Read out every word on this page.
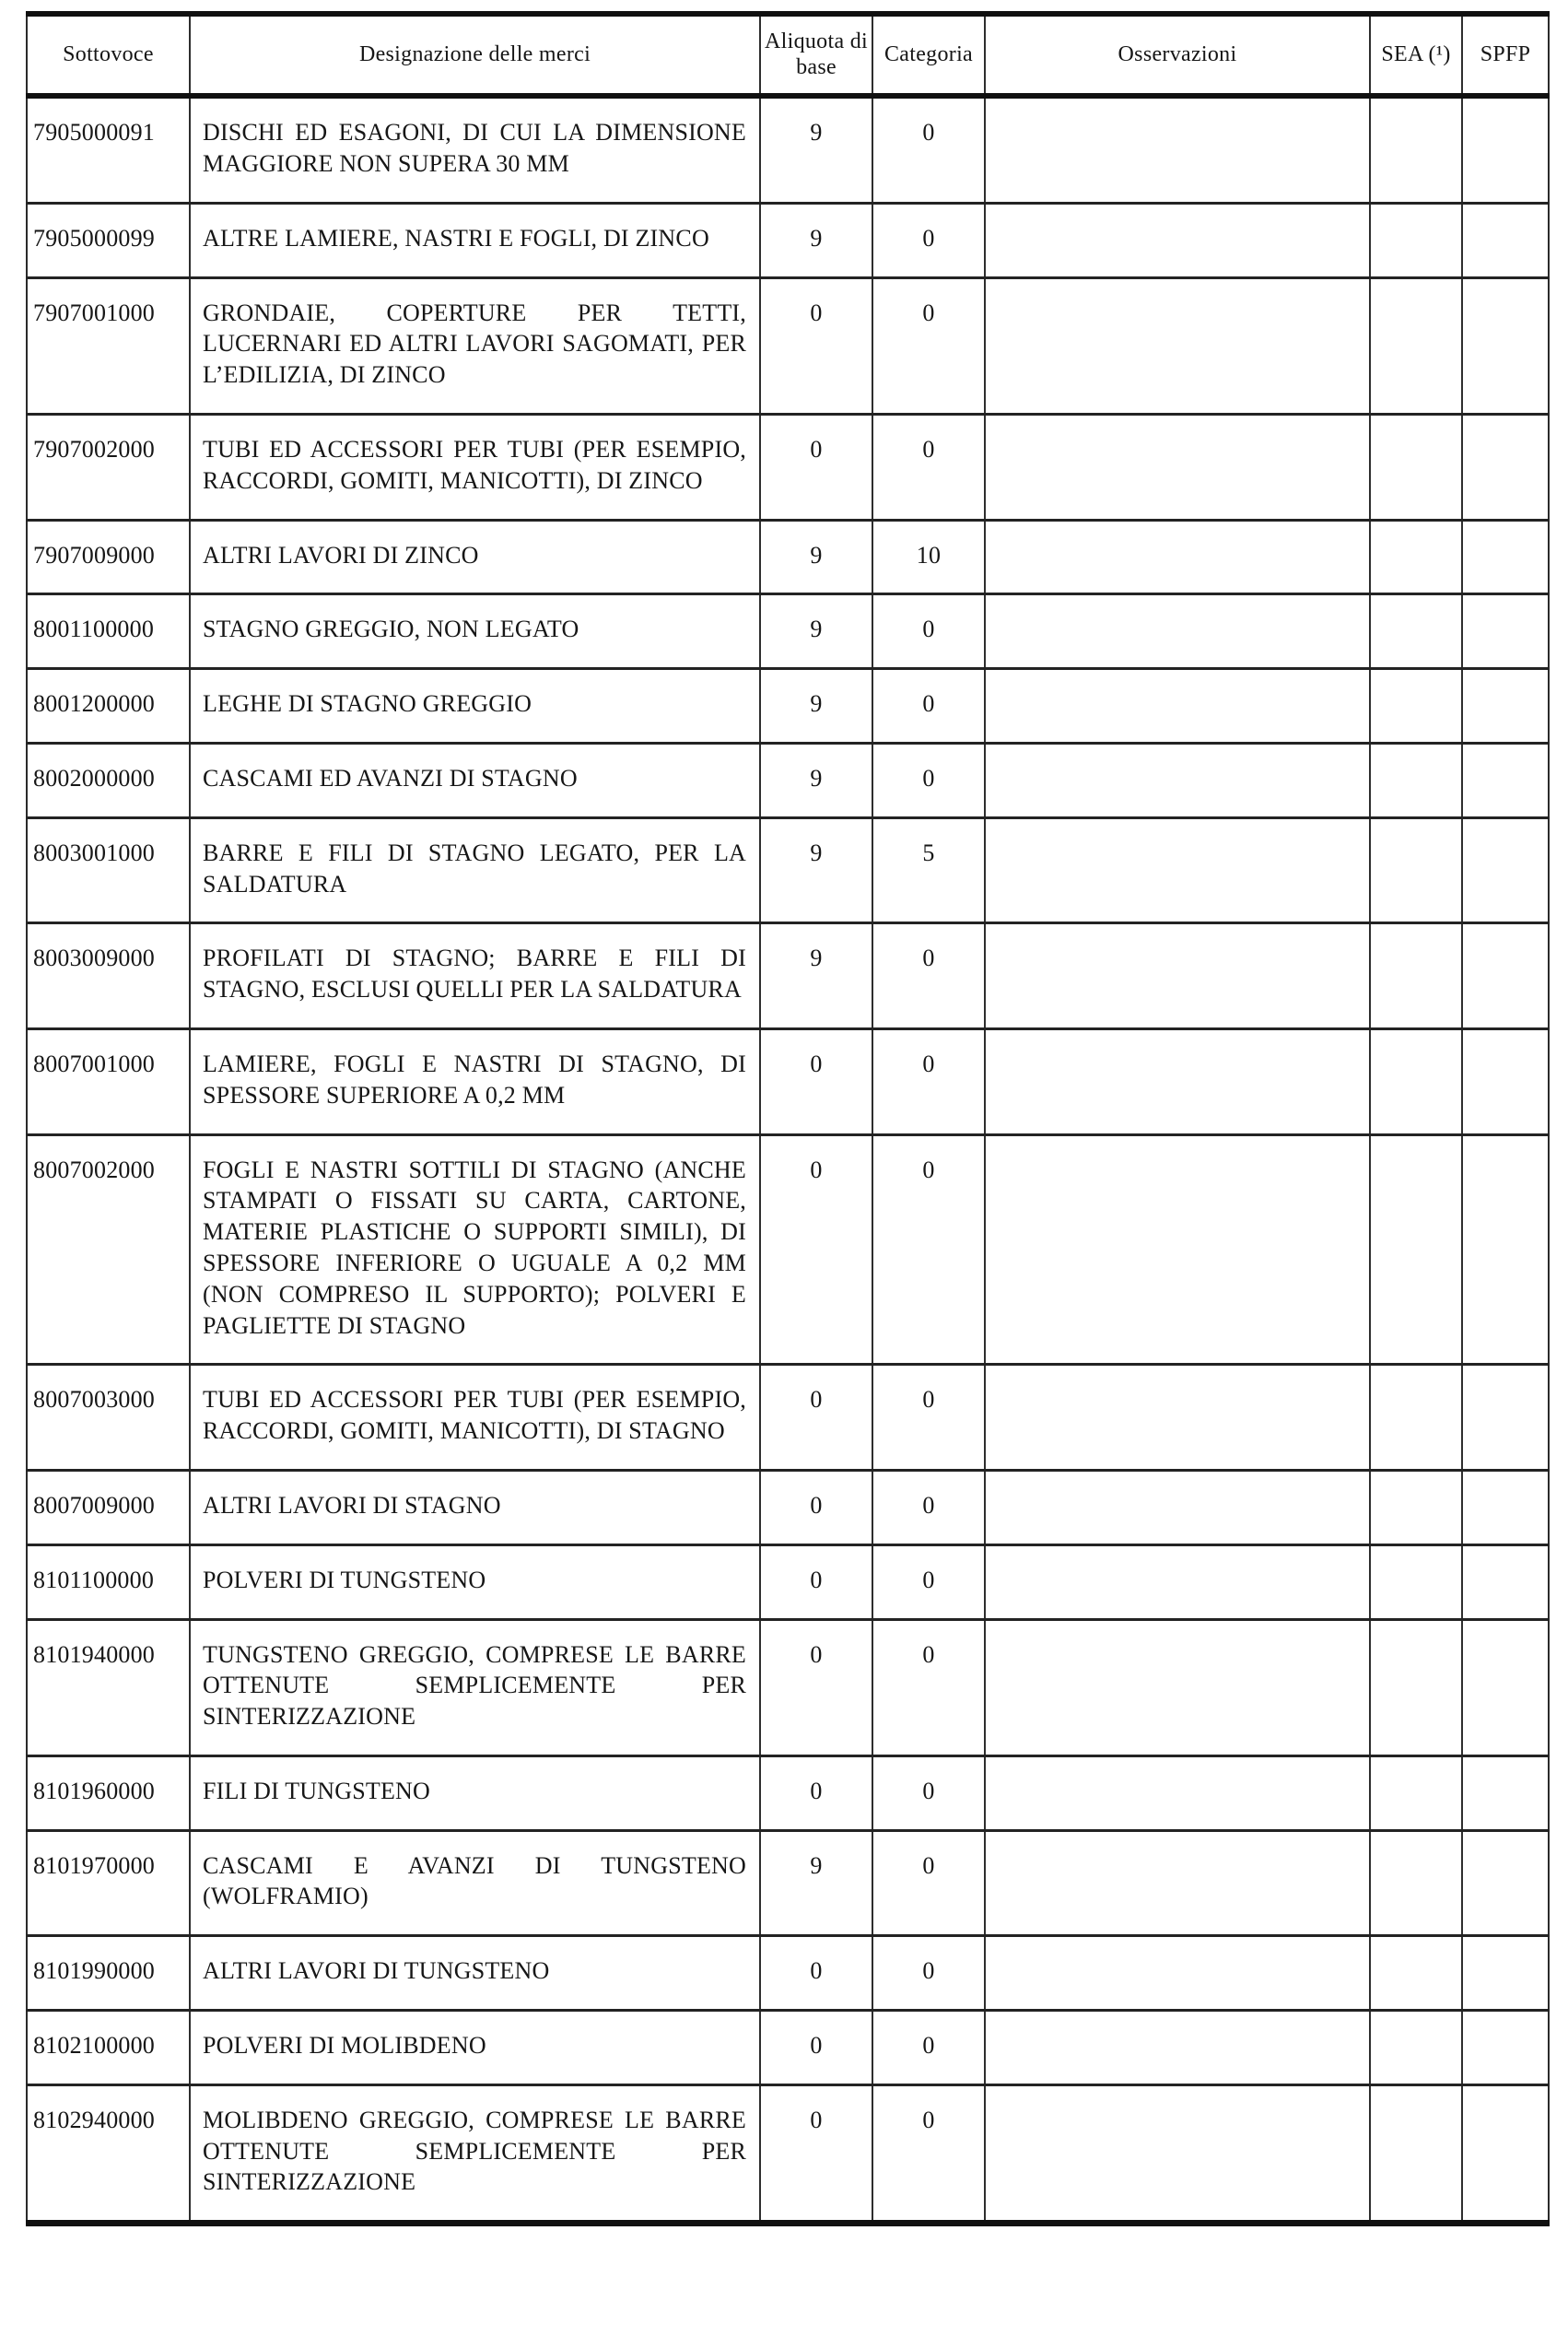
Sottovoce	Designazione delle merci	Aliquota di base	Categoria	Osservazioni	SEA (¹)	SPFP
7905000091	DISCHI ED ESAGONI, DI CUI LA DIMENSIONE MAGGIORE NON SUPERA 30 MM	9	0			
7905000099	ALTRE LAMIERE, NASTRI E FOGLI, DI ZINCO	9	0			
7907001000	GRONDAIE, COPERTURE PER TETTI, LUCERNARI ED ALTRI LAVORI SAGOMATI, PER L’EDILIZIA, DI ZINCO	0	0			
7907002000	TUBI ED ACCESSORI PER TUBI (PER ESEMPIO, RACCORDI, GOMITI, MANICOTTI), DI ZINCO	0	0			
7907009000	ALTRI LAVORI DI ZINCO	9	10			
8001100000	STAGNO GREGGIO, NON LEGATO	9	0			
8001200000	LEGHE DI STAGNO GREGGIO	9	0			
8002000000	CASCAMI ED AVANZI DI STAGNO	9	0			
8003001000	BARRE E FILI DI STAGNO LEGATO, PER LA SALDATURA	9	5			
8003009000	PROFILATI DI STAGNO; BARRE E FILI DI STAGNO, ESCLUSI QUELLI PER LA SALDATURA	9	0			
8007001000	LAMIERE, FOGLI E NASTRI DI STAGNO, DI SPESSORE SUPERIORE A 0,2 MM	0	0			
8007002000	FOGLI E NASTRI SOTTILI DI STAGNO (ANCHE STAMPATI O FISSATI SU CARTA, CARTONE, MATERIE PLASTICHE O SUPPORTI SIMILI), DI SPESSORE INFERIORE O UGUALE A 0,2 MM (NON COMPRESO IL SUPPORTO); POLVERI E PAGLIETTE DI STAGNO	0	0			
8007003000	TUBI ED ACCESSORI PER TUBI (PER ESEMPIO, RACCORDI, GOMITI, MANICOTTI), DI STAGNO	0	0			
8007009000	ALTRI LAVORI DI STAGNO	0	0			
8101100000	POLVERI DI TUNGSTENO	0	0			
8101940000	TUNGSTENO GREGGIO, COMPRESE LE BARRE OTTENUTE SEMPLICEMENTE PER SINTERIZZAZIONE	0	0			
8101960000	FILI DI TUNGSTENO	0	0			
8101970000	CASCAMI E AVANZI DI TUNGSTENO (WOLFRAMIO)	9	0			
8101990000	ALTRI LAVORI DI TUNGSTENO	0	0			
8102100000	POLVERI DI MOLIBDENO	0	0			
8102940000	MOLIBDENO GREGGIO, COMPRESE LE BARRE OTTENUTE SEMPLICEMENTE PER SINTERIZZAZIONE	0	0			
